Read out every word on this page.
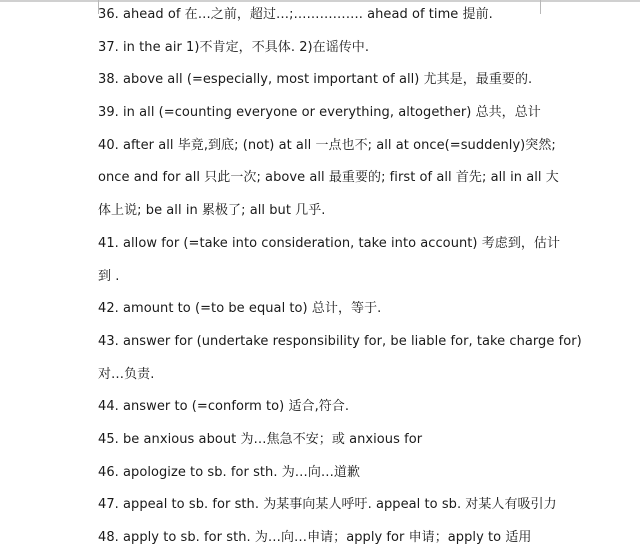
36. ahead of 在…之前，超过…;……………. ahead of time 提前.
37. in the air 1)不肯定，不具体. 2)在谣传中.
38. above all (=especially, most important of all) 尤其是，最重要的.
39. in all (=counting everyone or everything, altogether) 总共，总计
40. after all 毕竟,到底; (not) at all 一点也不; all at once(=suddenly)突然;
once and for all 只此一次; above all 最重要的; first of all 首先; all in all 大
体上说; be all in 累极了; all but 几乎.
41. allow for (=take into consideration, take into account) 考虑到，估计
到 .
42. amount to (=to be equal to) 总计，等于.
43. answer for (undertake responsibility for, be liable for, take charge for)
对…负责.
44. answer to (=conform to) 适合,符合.
45. be anxious about 为…焦急不安；或 anxious for
46. apologize to sb. for sth. 为…向…道歉
47. appeal to sb. for sth. 为某事向某人呼吁. appeal to sb. 对某人有吸引力
48. apply to sb. for sth. 为…向…申请；apply for 申请；apply to 适用
